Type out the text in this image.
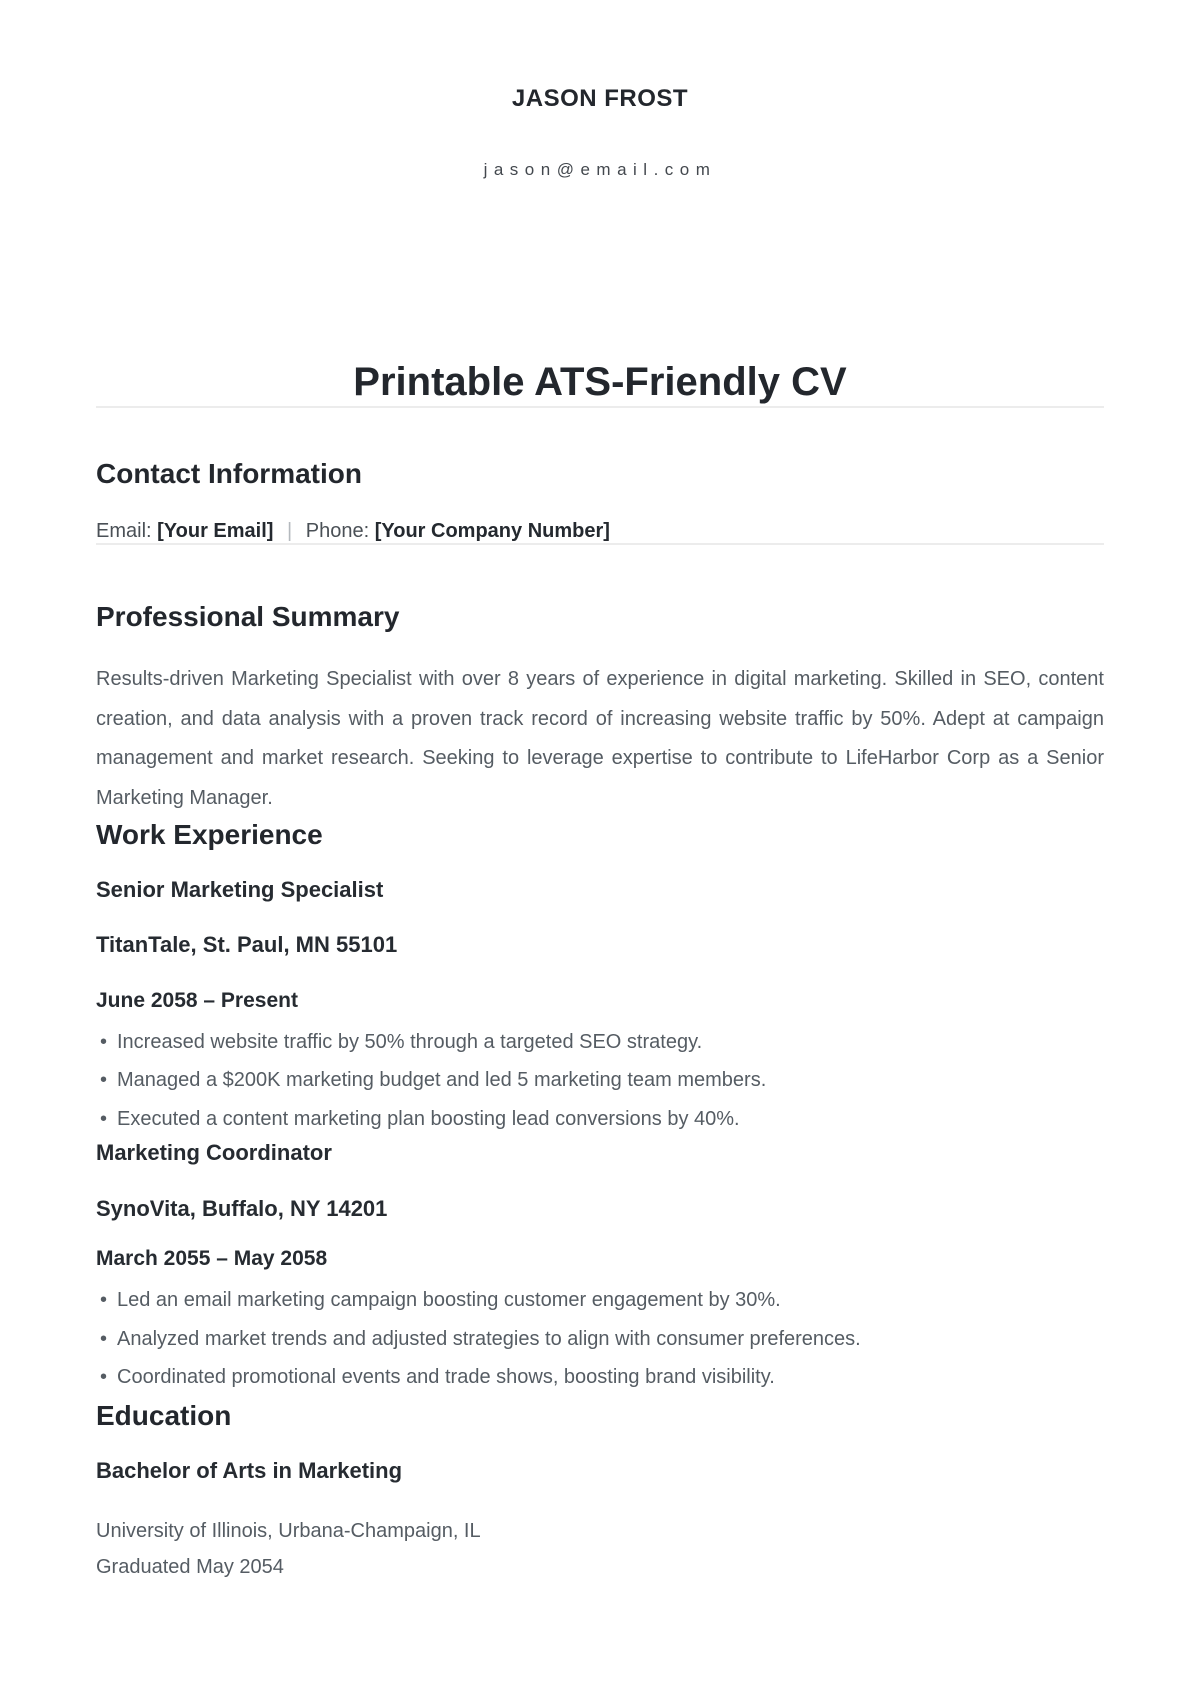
JASON FROST
jason@email.com
Printable ATS-Friendly CV
Contact Information
Email: [Your Email] | Phone: [Your Company Number]
Professional Summary

Results-driven Marketing Specialist with over 8 years of experience in digital marketing. Skilled in SEO, content creation, and data analysis with a proven track record of increasing website traffic by 50%. Adept at campaign management and market research. Seeking to leverage expertise to contribute to LifeHarbor Corp as a Senior Marketing Manager.

Work Experience
Senior Marketing Specialist
TitanTale, St. Paul, MN 55101
June 2058 – Present
• Increased website traffic by 50% through a targeted SEO strategy.
• Managed a $200K marketing budget and led 5 marketing team members.
• Executed a content marketing plan boosting lead conversions by 40%.
Marketing Coordinator
SynoVita, Buffalo, NY 14201
March 2055 – May 2058
• Led an email marketing campaign boosting customer engagement by 30%.
• Analyzed market trends and adjusted strategies to align with consumer preferences.
• Coordinated promotional events and trade shows, boosting brand visibility.
Education
Bachelor of Arts in Marketing
University of Illinois, Urbana-Champaign, IL
Graduated May 2054
